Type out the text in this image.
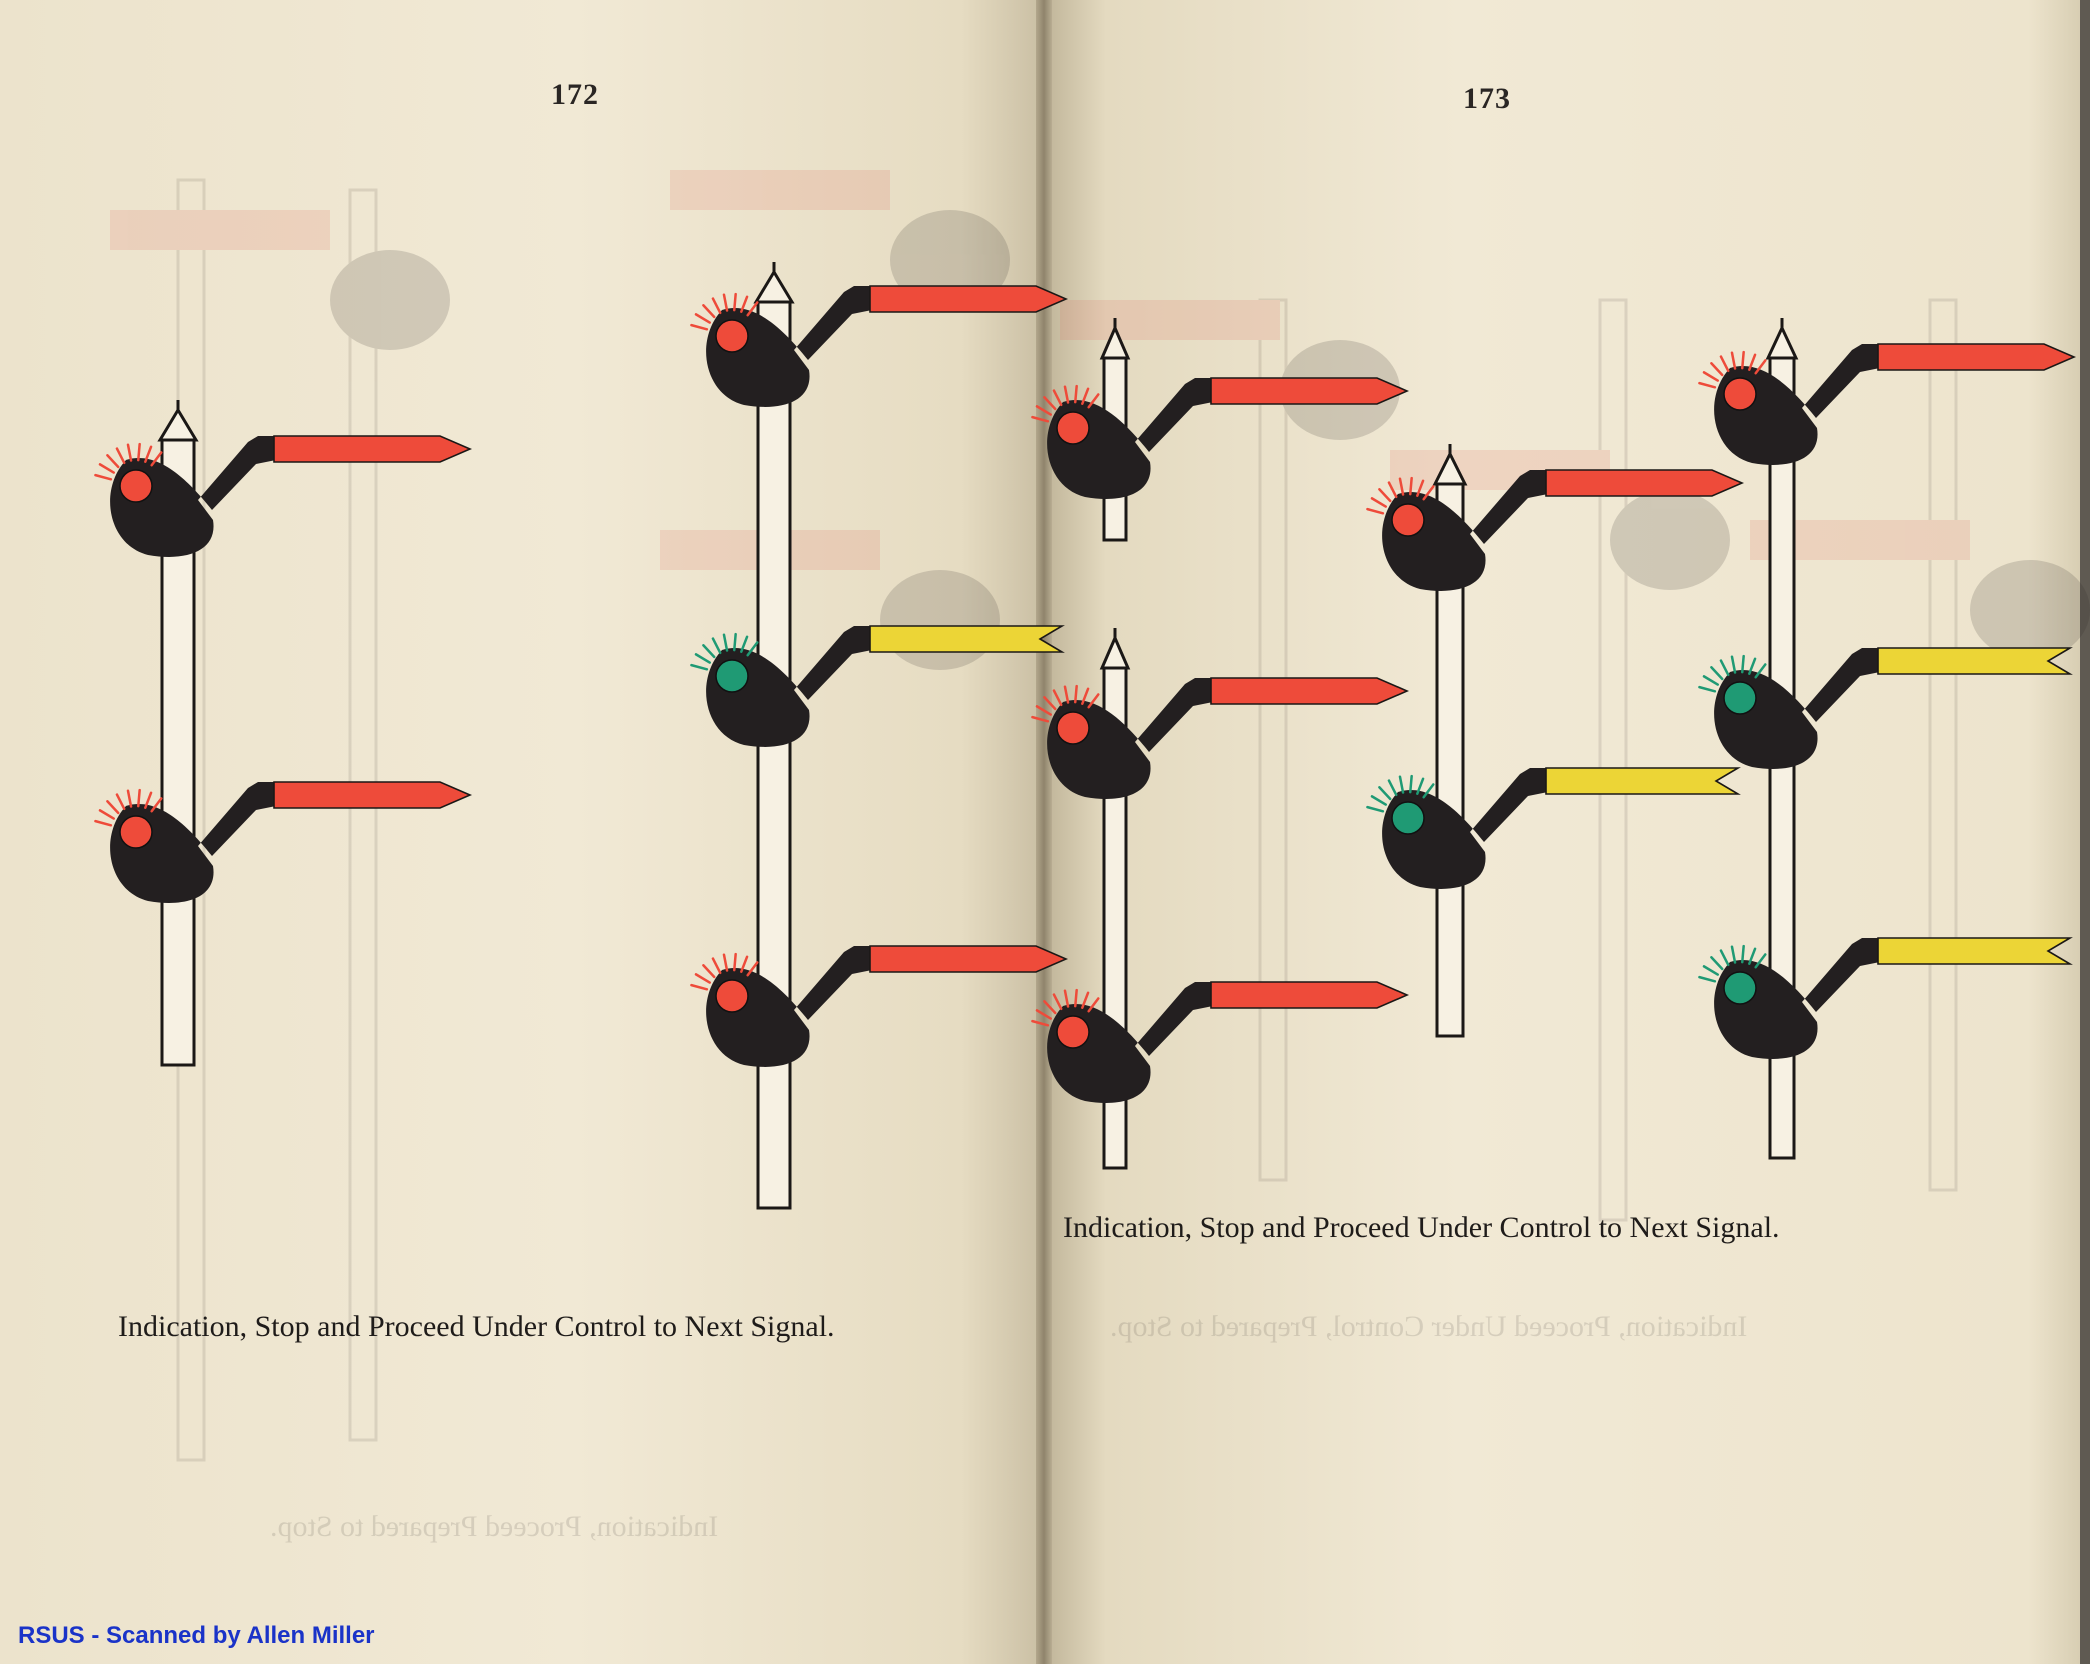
172	173
Indication, Stop and Proceed Under Control to Next Signal.
Indication, Stop and Proceed Under Control to Next Signal.
Indication, Proceed Prepared to Stop.
Indication, Proceed Under Control, Prepared to Stop.
RSUS - Scanned by Allen Miller
